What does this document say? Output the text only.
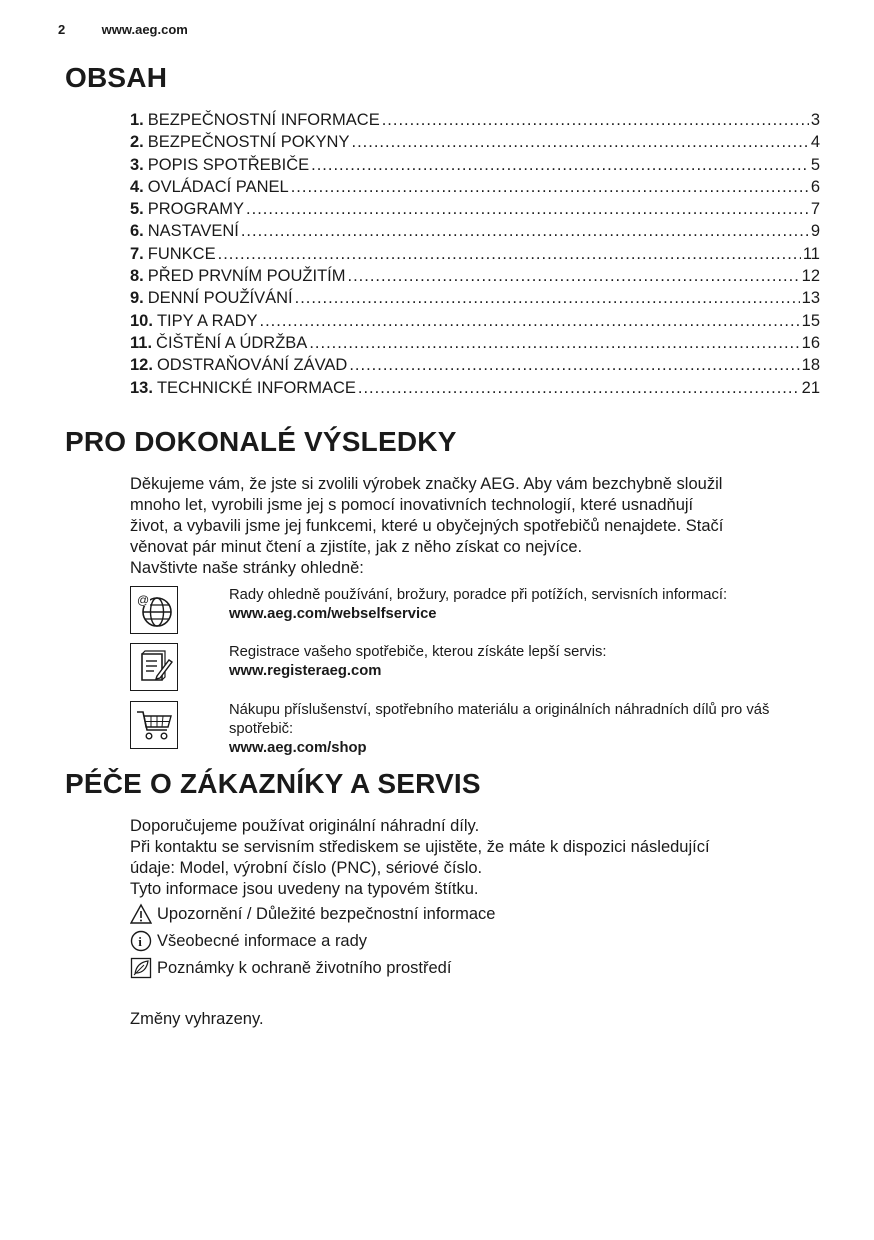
2	www.aeg.com
OBSAH
1. BEZPEČNOSTNÍ INFORMACE .....	3
2. BEZPEČNOSTNÍ POKYNY .....	4
3. POPIS SPOTŘEBIČE .....	5
4. OVLÁDACÍ PANEL .....	6
5. PROGRAMY .....	7
6. NASTAVENÍ .....	9
7. FUNKCE .....	11
8. PŘED PRVNÍM POUŽITÍM .....	12
9. DENNÍ POUŽÍVÁNÍ .....	13
10. TIPY A RADY .....	15
11. ČIŠTĚNÍ A ÚDRŽBA .....	16
12. ODSTRAŇOVÁNÍ ZÁVAD .....	18
13. TECHNICKÉ INFORMACE .....	21
PRO DOKONALÉ VÝSLEDKY

Děkujeme vám, že jste si zvolili výrobek značky AEG. Aby vám bezchybně sloužil

mnoho let, vyrobili jsme jej s pomocí inovativních technologií, které usnadňují

život, a vybavili jsme jej funkcemi, které u obyčejných spotřebičů nenajdete. Stačí

věnovat pár minut čtení a zjistíte, jak z něho získat co nejvíce.

Navštivte naše stránky ohledně:

@	Rady ohledně používání, brožury, poradce při potížích, servisních informací:
www.aeg.com/webselfservice
Registrace vašeho spotřebiče, kterou získáte lepší servis:
www.registeraeg.com
Nákupu příslušenství, spotřebního materiálu a originálních náhradních dílů pro váš spotřebič:
www.aeg.com/shop
PÉČE O ZÁKAZNÍKY A SERVIS

Doporučujeme používat originální náhradní díly.

Při kontaktu se servisním střediskem se ujistěte, že máte k dispozici následující

údaje: Model, výrobní číslo (PNC), sériové číslo.

Tyto informace jsou uvedeny na typovém štítku.

Upozornění / Důležité bezpečnostní informace
i Všeobecné informace a rady
Poznámky k ochraně životního prostředí
Změny vyhrazeny.
